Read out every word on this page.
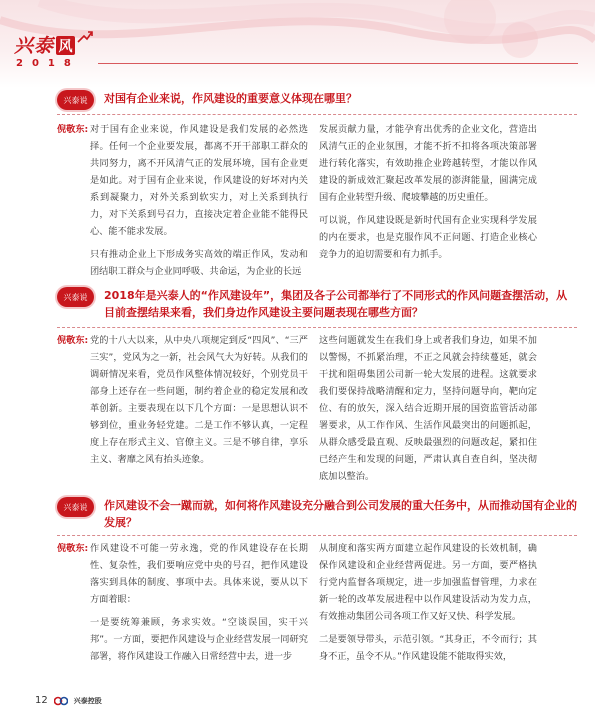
兴泰 风
2018
兴泰说	对国有企业来说，作风建设的重要意义体现在哪里？
倪敬东: 对于国有企业来说，作风建设是我们发展的必然选择。任何一个企业要发展，都离不开干部职工群众的共同努力，离不开风清气正的发展环境，国有企业更是如此。对于国有企业来说，作风建设的好坏对内关系到凝聚力，对外关系到软实力，对上关系到执行力，对下关系到号召力，直接决定着企业能不能得民心、能不能求发展。

只有推动企业上下形成务实高效的端正作风，发动和团结职工群众与企业同呼吸、共命运，为企业的长远

发展贡献力量，才能孕育出优秀的企业文化，营造出风清气正的企业氛围，才能不折不扣将各项决策部署进行转化落实，有效助推企业跨越转型，才能以作风建设的新成效汇聚起改革发展的澎湃能量，圆满完成国有企业转型升级、爬坡攀越的历史重任。

可以说，作风建设既是新时代国有企业实现科学发展的内在要求，也是克服作风不正问题、打造企业核心竞争力的迫切需要和有力抓手。

兴泰说	2018年是兴泰人的“作风建设年”，集团及各子公司都举行了不同形式的作风问题查摆活动，从目前查摆结果来看，我们身边作风建设主要问题表现在哪些方面？
倪敬东: 党的十八大以来，从中央八项规定到反“四风”、“三严三实”，党风为之一新，社会风气大为好转。从我们的调研情况来看，党员作风整体情况较好，个别党员干部身上还存在一些问题，制约着企业的稳定发展和改革创新。主要表现在以下几个方面：一是思想认识不够到位，重业务轻党建。二是工作不够认真，一定程度上存在形式主义、官僚主义。三是不够自律，享乐主义、奢靡之风有抬头迹象。

这些问题就发生在我们身上或者我们身边，如果不加以警惕，不抓紧治理，不正之风就会持续蔓延，就会干扰和阻碍集团公司新一轮大发展的进程。这就要求我们要保持战略清醒和定力，坚持问题导向，靶向定位、有的放矢，深入结合近期开展的国资监管活动部署要求，从工作作风、生活作风最突出的问题抓起，从群众感受最直观、反映最强烈的问题改起，紧扣住已经产生和发现的问题，严肃认真自查自纠，坚决彻底加以整治。

兴泰说	作风建设不会一蹴而就，如何将作风建设充分融合到公司发展的重大任务中，从而推动国有企业的发展？
倪敬东: 作风建设不可能一劳永逸，党的作风建设存在长期性、复杂性，我们要响应党中央的号召，把作风建设落实到具体的制度、事项中去。具体来说，要从以下方面着眼：

一是要统筹兼顾，务求实效。“空谈误国，实干兴邦”。一方面，要把作风建设与企业经营发展一同研究部署，将作风建设工作融入日常经营中去，进一步

从制度和落实两方面建立起作风建设的长效机制，确保作风建设和企业经营两促进。另一方面，要严格执行党内监督各项规定，进一步加强监督管理，力求在新一轮的改革发展进程中以作风建设活动为发力点，有效推动集团公司各项工作又好又快、科学发展。

二是要领导带头，示范引领。“其身正，不令而行；其身不正，虽令不从。”作风建设能不能取得实效，

12	兴泰控股
